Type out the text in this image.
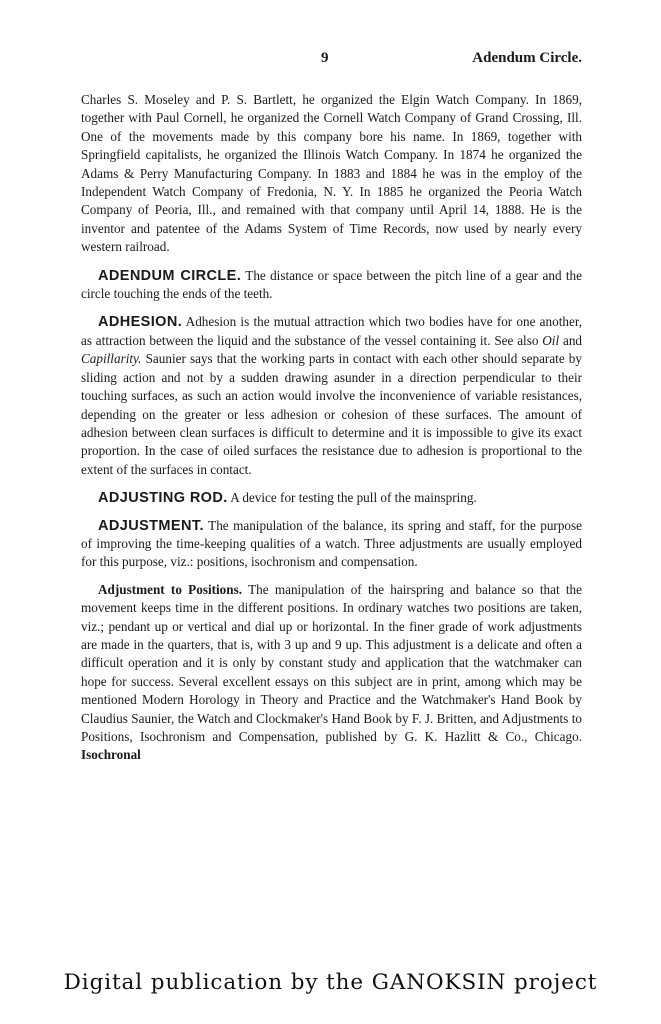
9	Adendum Circle.

Charles S. Moseley and P. S. Bartlett, he organized the Elgin Watch Company. In 1869, together with Paul Cornell, he organized the Cornell Watch Company of Grand Crossing, Ill. One of the movements made by this company bore his name. In 1869, together with Springfield capitalists, he organized the Illinois Watch Company. In 1874 he organized the Adams & Perry Manufacturing Company. In 1883 and 1884 he was in the employ of the Independent Watch Company of Fredonia, N. Y. In 1885 he organized the Peoria Watch Company of Peoria, Ill., and remained with that company until April 14, 1888. He is the inventor and patentee of the Adams System of Time Records, now used by nearly every western railroad.

ADENDUM CIRCLE. The distance or space between the pitch line of a gear and the circle touching the ends of the teeth.

ADHESION. Adhesion is the mutual attraction which two bodies have for one another, as attraction between the liquid and the substance of the vessel containing it. See also Oil and Capillarity. Saunier says that the working parts in contact with each other should separate by sliding action and not by a sudden drawing asunder in a direction perpendicular to their touching surfaces, as such an action would involve the inconvenience of variable resistances, depending on the greater or less adhesion or cohesion of these surfaces. The amount of adhesion between clean surfaces is difficult to determine and it is impossible to give its exact proportion. In the case of oiled surfaces the resistance due to adhesion is proportional to the extent of the surfaces in contact.

ADJUSTING ROD. A device for testing the pull of the mainspring.

ADJUSTMENT. The manipulation of the balance, its spring and staff, for the purpose of improving the time-keeping qualities of a watch. Three adjustments are usually employed for this purpose, viz.: positions, isochronism and compensation.

Adjustment to Positions. The manipulation of the hairspring and balance so that the movement keeps time in the different positions. In ordinary watches two positions are taken, viz.; pendant up or vertical and dial up or horizontal. In the finer grade of work adjustments are made in the quarters, that is, with 3 up and 9 up. This adjustment is a delicate and often a difficult operation and it is only by constant study and application that the watchmaker can hope for success. Several excellent essays on this subject are in print, among which may be mentioned Modern Horology in Theory and Practice and the Watchmaker's Hand Book by Claudius Saunier, the Watch and Clockmaker's Hand Book by F. J. Britten, and Adjustments to Positions, Isochronism and Compensation, published by G. K. Hazlitt & Co., Chicago. Isochronal

Digital publication by the GANOKSIN project
